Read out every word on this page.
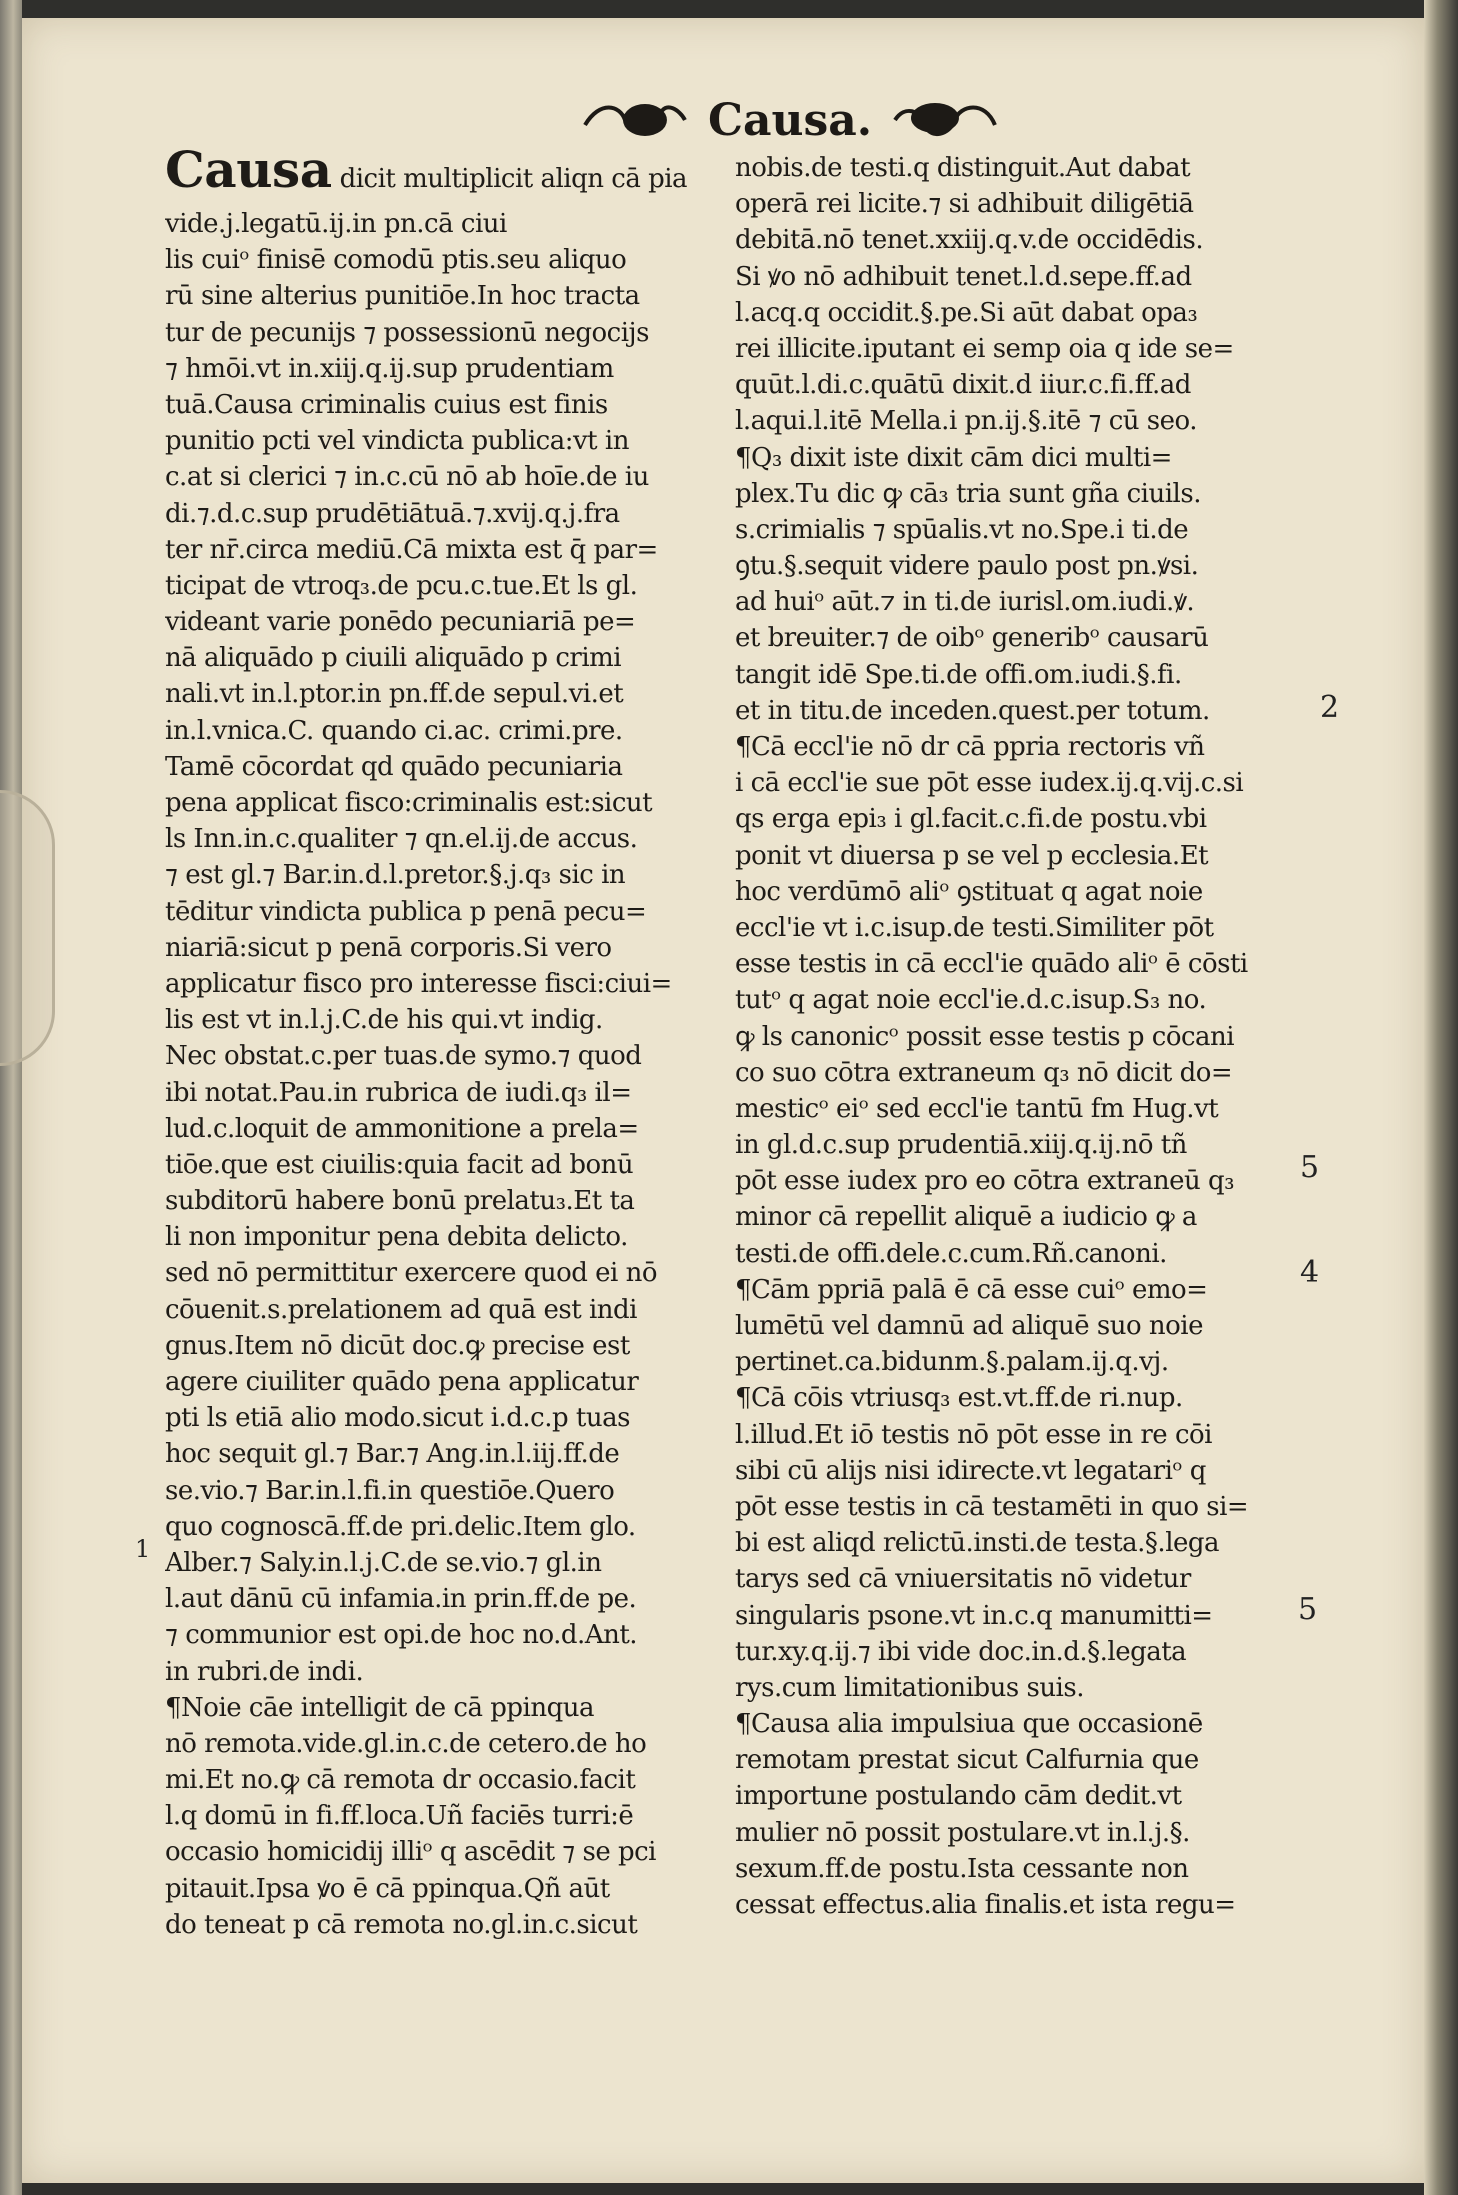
Causa.
Causa dicit multiplicit aliqn cā pia
vide.j.legatū.ij.in pn.cā ciui
lis cuiᵒ finisē comodū ptis.seu aliquo
rū sine alterius punitiōe.In hoc tracta
tur de pecunijs ⁊ possessionū negocijs
⁊ hmōi.vt in.xiij.q.ij.sup prudentiam
tuā.Causa criminalis cuius est finis
punitio pcti vel vindicta publica:vt in
c.at si clerici ⁊ in.c.cū nō ab hoīe.de iu
di.⁊.d.c.sup prudētiātuā.⁊.xvij.q.j.fra
ter nr̄.circa mediū.Cā mixta est q̄ par=
ticipat de vtroq₃.de pcu.c.tue.Et ls gl.
videant varie ponēdo pecuniariā pe=
nā aliquādo p ciuili aliquādo p crimi
nali.vt in.l.ptor.in pn.ff.de sepul.vi.et
in.l.vnica.C. quando ci.ac. crimi.pre.
Tamē cōcordat qd quādo pecuniaria
pena applicat fisco:criminalis est:sicut
ls Inn.in.c.qualiter ⁊ qn.el.ij.de accus.
⁊ est gl.⁊ Bar.in.d.l.pretor.§.j.q₃ sic in
tēditur vindicta publica p penā pecu=
niariā:sicut p penā corporis.Si vero
applicatur fisco pro interesse fisci:ciui=
lis est vt in.l.j.C.de his qui.vt indig.
Nec obstat.c.per tuas.de symo.⁊ quod
ibi notat.Pau.in rubrica de iudi.q₃ il=
lud.c.loquit de ammonitione a prela=
tiōe.que est ciuilis:quia facit ad bonū
subditorū habere bonū prelatu₃.Et ta
li non imponitur pena debita delicto.
sed nō permittitur exercere quod ei nō
cōuenit.s.prelationem ad quā est indi
gnus.Item nō dicūt doc.ꝙ precise est
agere ciuiliter quādo pena applicatur
pti ls etiā alio modo.sicut i.d.c.p tuas
hoc sequit gl.⁊ Bar.⁊ Ang.in.l.iij.ff.de
se.vio.⁊ Bar.in.l.fi.in questiōe.Quero
quo cognoscā.ff.de pri.delic.Item glo.
Alber.⁊ Saly.in.l.j.C.de se.vio.⁊ gl.in
l.aut dānū cū infamia.in prin.ff.de pe.
⁊ communior est opi.de hoc no.d.Ant.
in rubri.de indi.
¶Noie cāe intelligit de cā ppinqua
nō remota.vide.gl.in.c.de cetero.de ho
mi.Et no.ꝙ cā remota dr occasio.facit
l.q domū in fi.ff.loca.Uñ faciēs turri:ē
occasio homicidij illiᵒ q ascēdit ⁊ se pci
pitauit.Ipsa ꝟo ē cā ppinqua.Qñ aūt
do teneat p cā remota no.gl.in.c.sicut
nobis.de testi.q distinguit.Aut dabat
operā rei licite.⁊ si adhibuit diligētiā
debitā.nō tenet.xxiij.q.v.de occidēdis.
Si ꝟo nō adhibuit tenet.l.d.sepe.ff.ad
l.acq.q occidit.§.pe.Si aūt dabat opa₃
rei illicite.iputant ei semp oia q ide se=
quūt.l.di.c.quātū dixit.d iiur.c.fi.ff.ad
l.aqui.l.itē Mella.i pn.ij.§.itē ⁊ cū seo.
¶Q₃ dixit iste dixit cām dici multi=
plex.Tu dic ꝙ cā₃ tria sunt gña ciuils.
s.crimialis ⁊ spūalis.vt no.Spe.i ti.de
ꝯtu.§.sequit videre paulo post pn.ꝟsi.
ad huiᵒ aūt.⁊ in ti.de iurisl.om.iudi.ꝟ.
et breuiter.⁊ de oibᵒ generibᵒ causarū
tangit idē Spe.ti.de offi.om.iudi.§.fi.
et in titu.de inceden.quest.per totum.
¶Cā eccl'ie nō dr cā ppria rectoris vñ
i cā eccl'ie sue pōt esse iudex.ij.q.vij.c.si
qs erga epi₃ i gl.facit.c.fi.de postu.vbi
ponit vt diuersa p se vel p ecclesia.Et
hoc verdūmō aliᵒ ꝯstituat q agat noie
eccl'ie vt i.c.isup.de testi.Similiter pōt
esse testis in cā eccl'ie quādo aliᵒ ē cōsti
tutᵒ q agat noie eccl'ie.d.c.isup.S₃ no.
ꝙ ls canonicᵒ possit esse testis p cōcani
co suo cōtra extraneum q₃ nō dicit do=
mesticᵒ eiᵒ sed eccl'ie tantū fm Hug.vt
in gl.d.c.sup prudentiā.xiij.q.ij.nō tñ
pōt esse iudex pro eo cōtra extraneū q₃
minor cā repellit aliquē a iudicio ꝙ a
testi.de offi.dele.c.cum.Rñ.canoni.
¶Cām ppriā palā ē cā esse cuiᵒ emo=
lumētū vel damnū ad aliquē suo noie
pertinet.ca.bidunm.§.palam.ij.q.vj.
¶Cā cōis vtriusq₃ est.vt.ff.de ri.nup.
l.illud.Et iō testis nō pōt esse in re cōi
sibi cū alijs nisi idirecte.vt legatariᵒ q
pōt esse testis in cā testamēti in quo si=
bi est aliqd relictū.insti.de testa.§.lega
tarys sed cā vniuersitatis nō videtur
singularis psone.vt in.c.q manumitti=
tur.xy.q.ij.⁊ ibi vide doc.in.d.§.legata
rys.cum limitationibus suis.
¶Causa alia impulsiua que occasionē
remotam prestat sicut Calfurnia que
importune postulando cām dedit.vt
mulier nō possit postulare.vt in.l.j.§.
sexum.ff.de postu.Ista cessante non
cessat effectus.alia finalis.et ista regu=
2
5
4
5
1
